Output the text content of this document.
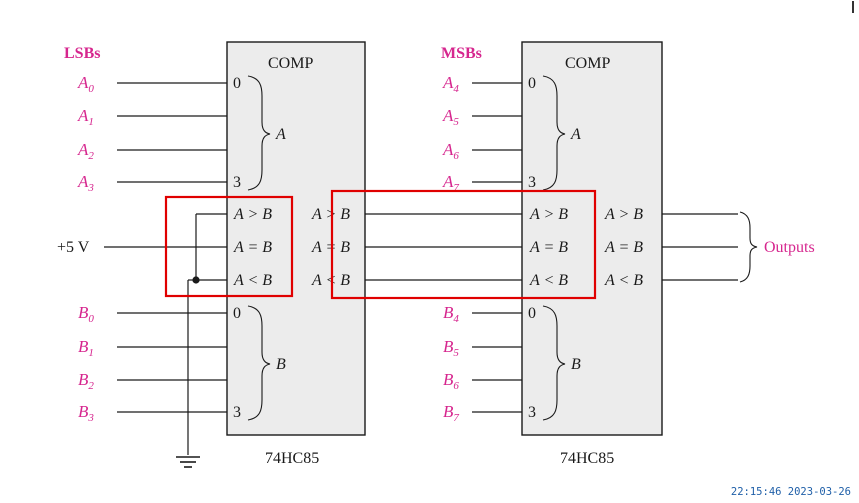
COMP	COMP
74HC85	74HC85
LSBs	MSBs
$A_0$
$A_1$
$A_2$
$A_3$
$B_0$
$B_1$
$B_2$
$B_3$
$A_4$
$A_5$
$A_6$
$A_7$
$B_4$
$B_5$
$B_6$
$B_7$
0
3
A
0
3
B
0
3
A
0
3
B
A > B
A = B
A < B
A > B
A = B
A < B
A > B
A = B
A < B
A > B
A = B
A < B
+5 V	Outputs
22:15:46 2023-03-26
